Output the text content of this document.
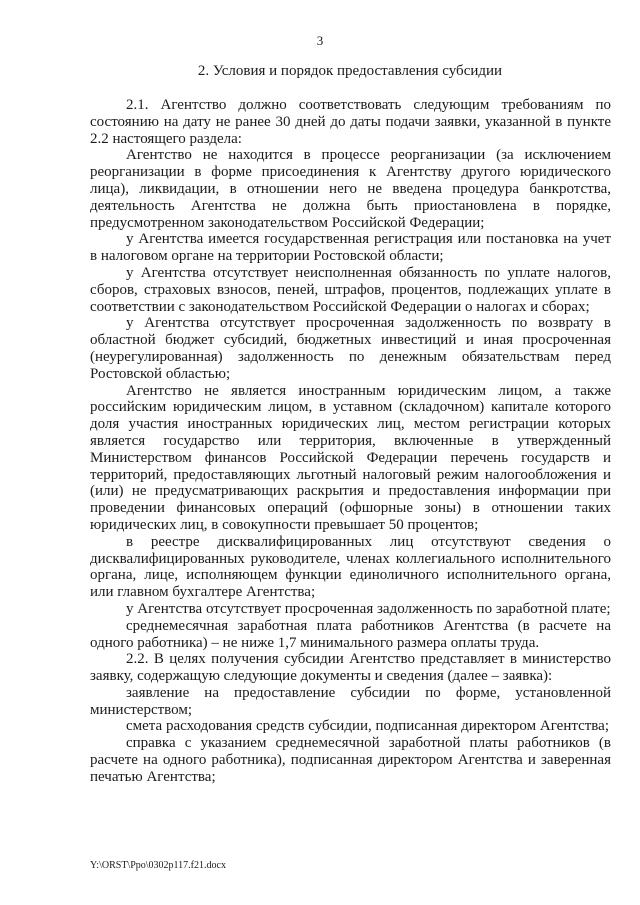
3
2. Условия и порядок предоставления субсидии

2.1. Агентство должно соответствовать следующим требованиям по состоянию на дату не ранее 30 дней до даты подачи заявки, указанной в пункте 2.2 настоящего раздела:

Агентство не находится в процессе реорганизации (за исключением реорганизации в форме присоединения к Агентству другого юридического лица), ликвидации, в отношении него не введена процедура банкротства, деятельность Агентства не должна быть приостановлена в порядке, предусмотренном законодательством Российской Федерации;

у Агентства имеется государственная регистрация или постановка на учет в налоговом органе на территории Ростовской области;

у Агентства отсутствует неисполненная обязанность по уплате налогов, сборов, страховых взносов, пеней, штрафов, процентов, подлежащих уплате в соответствии с законодательством Российской Федерации о налогах и сборах;

у Агентства отсутствует просроченная задолженность по возврату в областной бюджет субсидий, бюджетных инвестиций и иная просроченная (неурегулированная) задолженность по денежным обязательствам перед Ростовской областью;

Агентство не является иностранным юридическим лицом, а также российским юридическим лицом, в уставном (складочном) капитале которого доля участия иностранных юридических лиц, местом регистрации которых является государство или территория, включенные в утвержденный Министерством финансов Российской Федерации перечень государств и территорий, предоставляющих льготный налоговый режим налогообложения и (или) не предусматривающих раскрытия и предоставления информации при проведении финансовых операций (офшорные зоны) в отношении таких юридических лиц, в совокупности превышает 50 процентов;

в реестре дисквалифицированных лиц отсутствуют сведения о дисквалифицированных руководителе, членах коллегиального исполнительного органа, лице, исполняющем функции единоличного исполнительного органа, или главном бухгалтере Агентства;

у Агентства отсутствует просроченная задолженность по заработной плате;

среднемесячная заработная плата работников Агентства (в расчете на одного работника) – не ниже 1,7 минимального размера оплаты труда.

2.2. В целях получения субсидии Агентство представляет в министерство заявку, содержащую следующие документы и сведения (далее – заявка):

заявление на предоставление субсидии по форме, установленной министерством;

смета расходования средств субсидии, подписанная директором Агентства;

справка с указанием среднемесячной заработной платы работников (в расчете на одного работника), подписанная директором Агентства и заверенная печатью Агентства;

Y:\ORST\Ppo\0302p117.f21.docx
